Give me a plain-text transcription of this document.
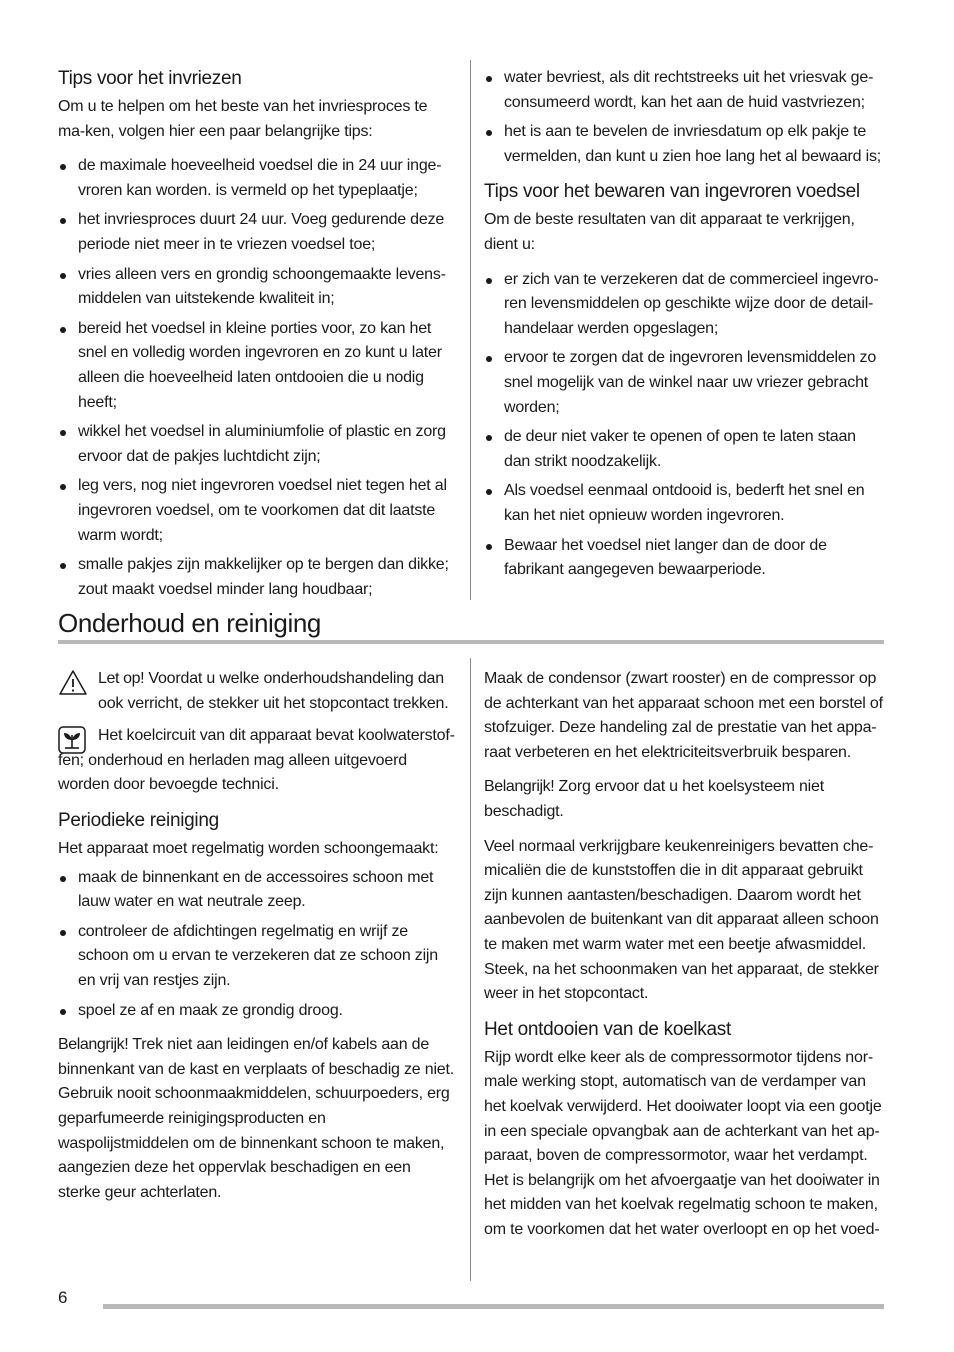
Tips voor het invriezen

Om u te helpen om het beste van het invriesproces te ma-ken, volgen hier een paar belangrijke tips:

de maximale hoeveelheid voedsel die in 24 uur inge-vroren kan worden. is vermeld op het typeplaatje;
het invriesproces duurt 24 uur. Voeg gedurende deze periode niet meer in te vriezen voedsel toe;
vries alleen vers en grondig schoongemaakte levens-middelen van uitstekende kwaliteit in;
bereid het voedsel in kleine porties voor, zo kan het snel en volledig worden ingevroren en zo kunt u later alleen die hoeveelheid laten ontdooien die u nodig heeft;
wikkel het voedsel in aluminiumfolie of plastic en zorg ervoor dat de pakjes luchtdicht zijn;
leg vers, nog niet ingevroren voedsel niet tegen het al ingevroren voedsel, om te voorkomen dat dit laatste warm wordt;
smalle pakjes zijn makkelijker op te bergen dan dikke; zout maakt voedsel minder lang houdbaar;
water bevriest, als dit rechtstreeks uit het vriesvak ge-consumeerd wordt, kan het aan de huid vastvriezen;
het is aan te bevelen de invriesdatum op elk pakje te vermelden, dan kunt u zien hoe lang het al bewaard is;
Tips voor het bewaren van ingevroren voedsel

Om de beste resultaten van dit apparaat te verkrijgen, dient u:

er zich van te verzekeren dat de commercieel ingevro-ren levensmiddelen op geschikte wijze door de detail-handelaar werden opgeslagen;
ervoor te zorgen dat de ingevroren levensmiddelen zo snel mogelijk van de winkel naar uw vriezer gebracht worden;
de deur niet vaker te openen of open te laten staan dan strikt noodzakelijk.
Als voedsel eenmaal ontdooid is, bederft het snel en kan het niet opnieuw worden ingevroren.
Bewaar het voedsel niet langer dan de door de fabrikant aangegeven bewaarperiode.
Onderhoud en reiniging
Let op! Voordat u welke onderhoudshandeling dan ook verricht, de stekker uit het stopcontact trekken.
Het koelcircuit van dit apparaat bevat koolwaterstof-fen; onderhoud en herladen mag alleen uitgevoerd worden door bevoegde technici.
Periodieke reiniging

Het apparaat moet regelmatig worden schoongemaakt:

maak de binnenkant en de accessoires schoon met lauw water en wat neutrale zeep.
controleer de afdichtingen regelmatig en wrijf ze schoon om u ervan te verzekeren dat ze schoon zijn en vrij van restjes zijn.
spoel ze af en maak ze grondig droog.

Belangrijk! Trek niet aan leidingen en/of kabels aan de binnenkant van de kast en verplaats of beschadig ze niet. Gebruik nooit schoonmaakmiddelen, schuurpoeders, erg geparfumeerde reinigingsproducten en waspolijstmiddelen om de binnenkant schoon te maken, aangezien deze het oppervlak beschadigen en een sterke geur achterlaten.

Maak de condensor (zwart rooster) en de compressor op de achterkant van het apparaat schoon met een borstel of stofzuiger. Deze handeling zal de prestatie van het appa-raat verbeteren en het elektriciteitsverbruik besparen.

Belangrijk! Zorg ervoor dat u het koelsysteem niet beschadigt.

Veel normaal verkrijgbare keukenreinigers bevatten che-micaliën die de kunststoffen die in dit apparaat gebruikt zijn kunnen aantasten/beschadigen. Daarom wordt het aanbevolen de buitenkant van dit apparaat alleen schoon te maken met warm water met een beetje afwasmiddel. Steek, na het schoonmaken van het apparaat, de stekker weer in het stopcontact.

Het ontdooien van de koelkast

Rijp wordt elke keer als de compressormotor tijdens nor-male werking stopt, automatisch van de verdamper van het koelvak verwijderd. Het dooiwater loopt via een gootje in een speciale opvangbak aan de achterkant van het ap-paraat, boven de compressormotor, waar het verdampt. Het is belangrijk om het afvoergaatje van het dooiwater in het midden van het koelvak regelmatig schoon te maken, om te voorkomen dat het water overloopt en op het voed-

6
